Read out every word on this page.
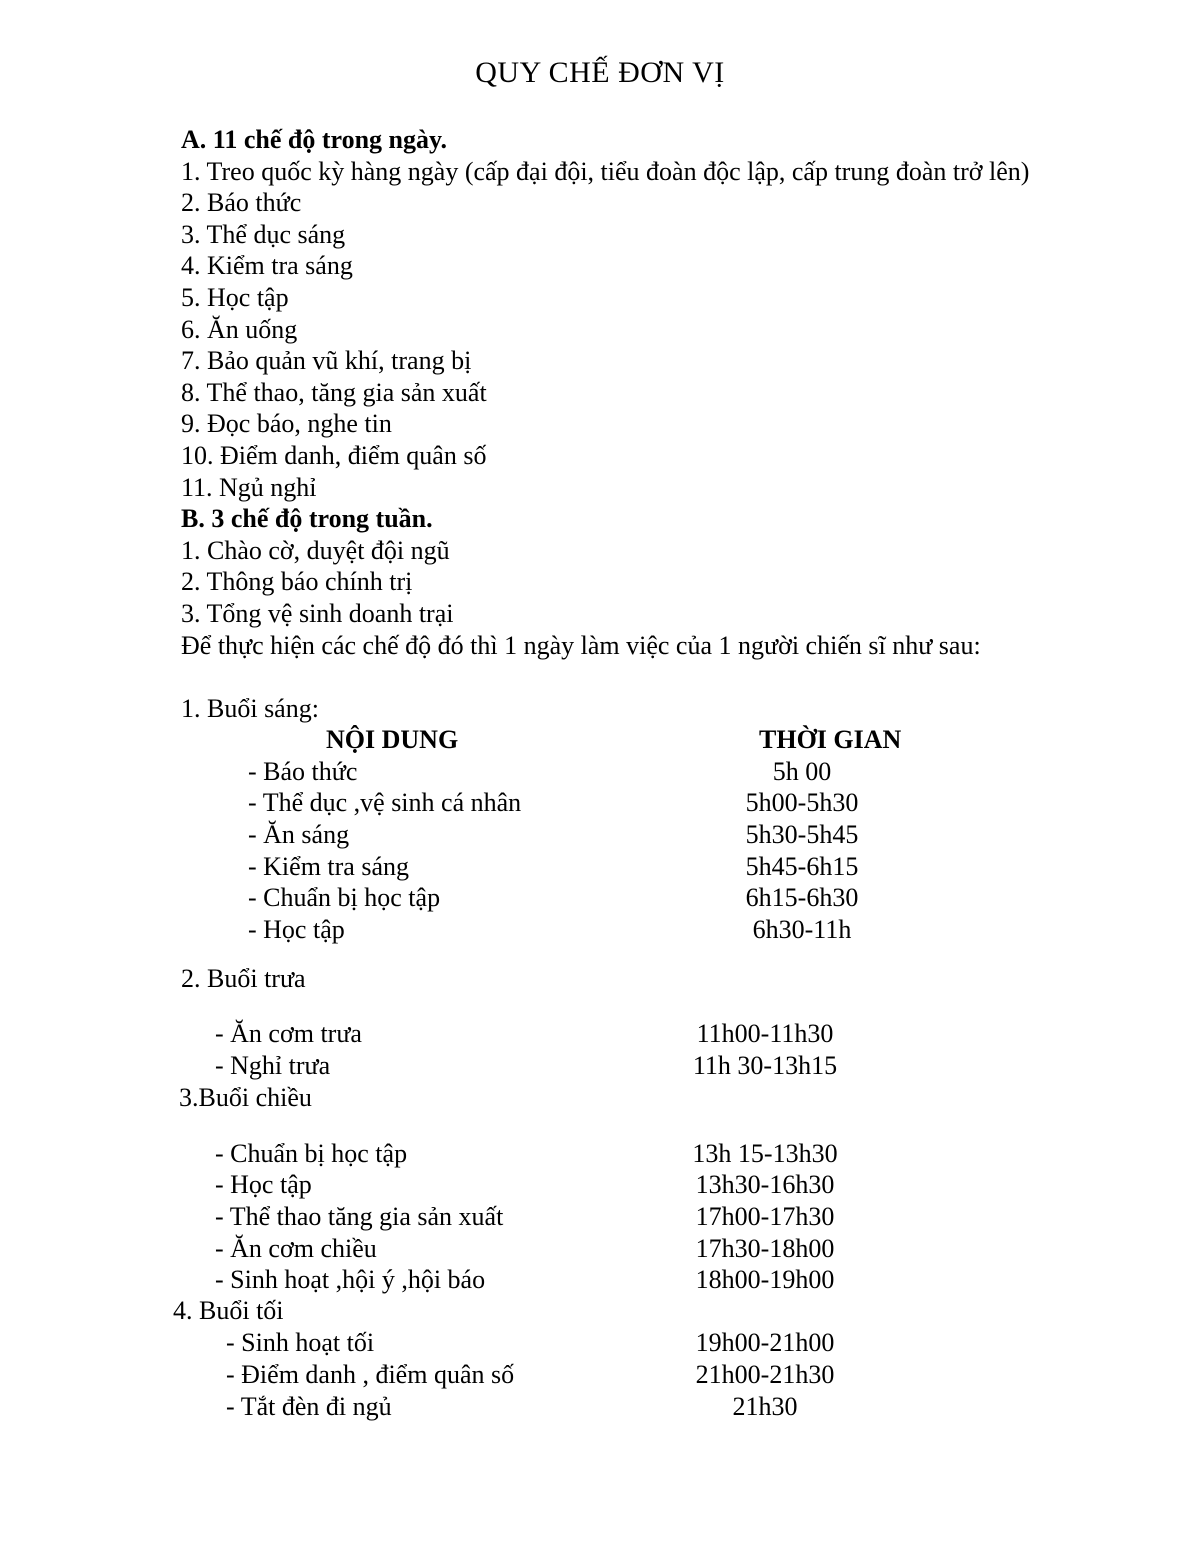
QUY CHẾ ĐƠN VỊ
A. 11 chế độ trong ngày.
1. Treo quốc kỳ hàng ngày (cấp đại đội, tiểu đoàn độc lập, cấp trung đoàn trở lên)
2. Báo thức
3. Thể dục sáng
4. Kiểm tra sáng
5. Học tập
6. Ăn uống
7. Bảo quản vũ khí, trang bị
8. Thể thao, tăng gia sản xuất
9. Đọc báo, nghe tin
10. Điểm danh, điểm quân số
11. Ngủ nghỉ
B. 3 chế độ trong tuần.
1. Chào cờ, duyệt đội ngũ
2. Thông báo chính trị
3. Tổng vệ sinh doanh trại
Để thực hiện các chế độ đó thì 1 ngày làm việc của 1 người chiến sĩ như sau:
1. Buổi sáng:
NỘI DUNG	THỜI GIAN
- Báo thức	5h 00
- Thể dục ,vệ sinh cá nhân	5h00-5h30
- Ăn sáng	5h30-5h45
- Kiểm tra sáng	5h45-6h15
- Chuẩn bị học tập	6h15-6h30
- Học tập	6h30-11h
2. Buổi trưa
- Ăn cơm trưa	11h00-11h30
- Nghỉ trưa	11h 30-13h15
3.Buổi chiều
- Chuẩn bị học tập	13h 15-13h30
- Học tập	13h30-16h30
- Thể thao tăng gia sản xuất	17h00-17h30
- Ăn cơm chiều	17h30-18h00
- Sinh hoạt ,hội ý ,hội báo	18h00-19h00
4. Buổi tối
- Sinh hoạt tối	19h00-21h00
- Điểm danh , điểm quân số	21h00-21h30
- Tắt đèn đi ngủ	21h30
